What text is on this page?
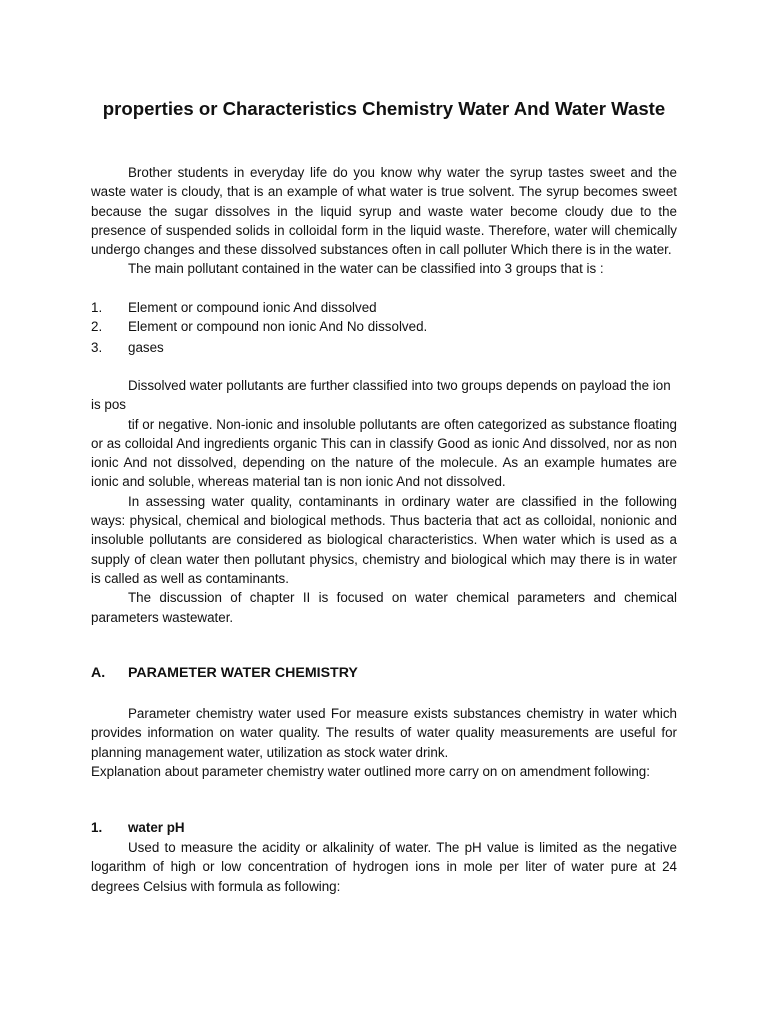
properties or Characteristics Chemistry Water And Water Waste

Brother students in everyday life do you know why water the syrup tastes sweet and the waste water is cloudy, that is an example of what water is true solvent. The syrup becomes sweet because the sugar dissolves in the liquid syrup and waste water become cloudy due to the presence of suspended solids in colloidal form in the liquid waste. Therefore, water will chemically undergo changes and these dissolved substances often in call polluter Which there is in the water.

The main pollutant contained in the water can be classified into 3 groups that is :

1.	Element or compound ionic And dissolved
2.	Element or compound non ionic And No dissolved.
3.	gases

Dissolved water pollutants are further classified into two groups depends on payload the ion is pos

tif or negative. Non-ionic and insoluble pollutants are often categorized as substance floating or as colloidal And ingredients organic This can in classify Good as ionic And dissolved, nor as non ionic And not dissolved, depending on the nature of the molecule. As an example humates are ionic and soluble, whereas material tan is non ionic And not dissolved.

In assessing water quality, contaminants in ordinary water are classified in the following ways: physical, chemical and biological methods. Thus bacteria that act as colloidal, nonionic and insoluble pollutants are considered as biological characteristics. When water which is used as a supply of clean water then pollutant physics, chemistry and biological which may there is in water is called as well as contaminants.

The discussion of chapter II is focused on water chemical parameters and chemical parameters wastewater.

A.	PARAMETER WATER CHEMISTRY

Parameter chemistry water used For measure exists substances chemistry in water which provides information on water quality. The results of water quality measurements are useful for planning management water, utilization as stock water drink.

Explanation about parameter chemistry water outlined more carry on on amendment following:

1.	water pH

Used to measure the acidity or alkalinity of water. The pH value is limited as the negative logarithm of high or low concentration of hydrogen ions in mole per liter of water pure at 24 degrees Celsius with formula as following:
